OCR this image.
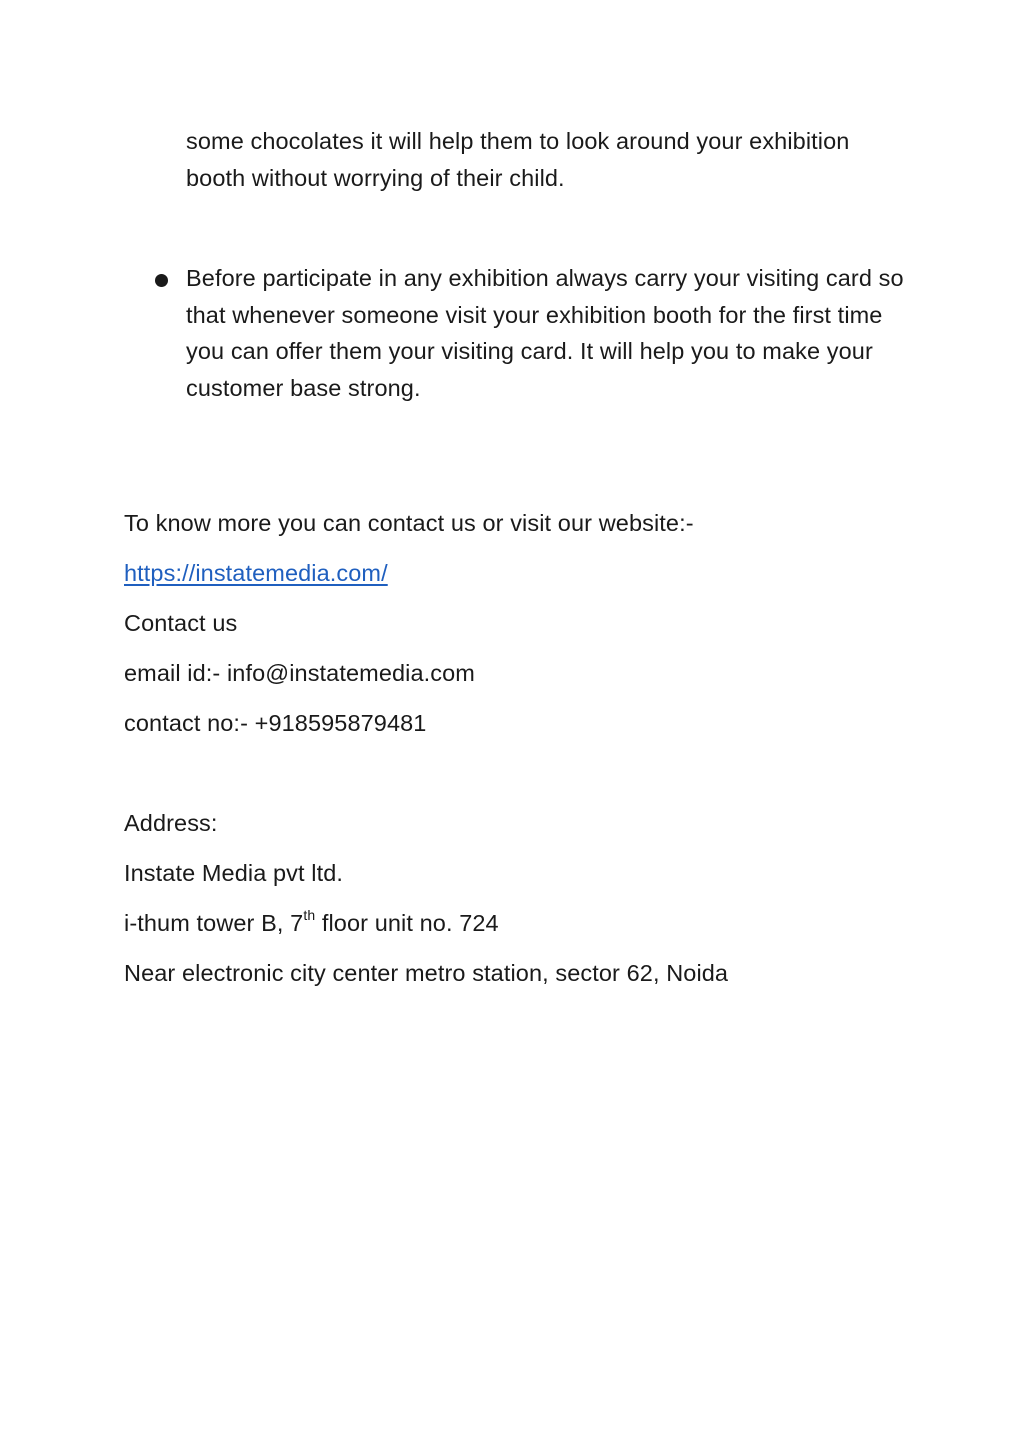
some chocolates it will help them to look around your exhibition booth without worrying of their child.

Before participate in any exhibition always carry your visiting card so that whenever someone visit your exhibition booth for the first time you can offer them your visiting card. It will help you to make your customer base strong.

To know more you can contact us or visit our website:-

https://instatemedia.com/

Contact us

email id:- info@instatemedia.com

contact no:- +918595879481

Address:

Instate Media pvt ltd.

i-thum tower B, 7th floor unit no. 724

Near electronic city center metro station, sector 62, Noida
